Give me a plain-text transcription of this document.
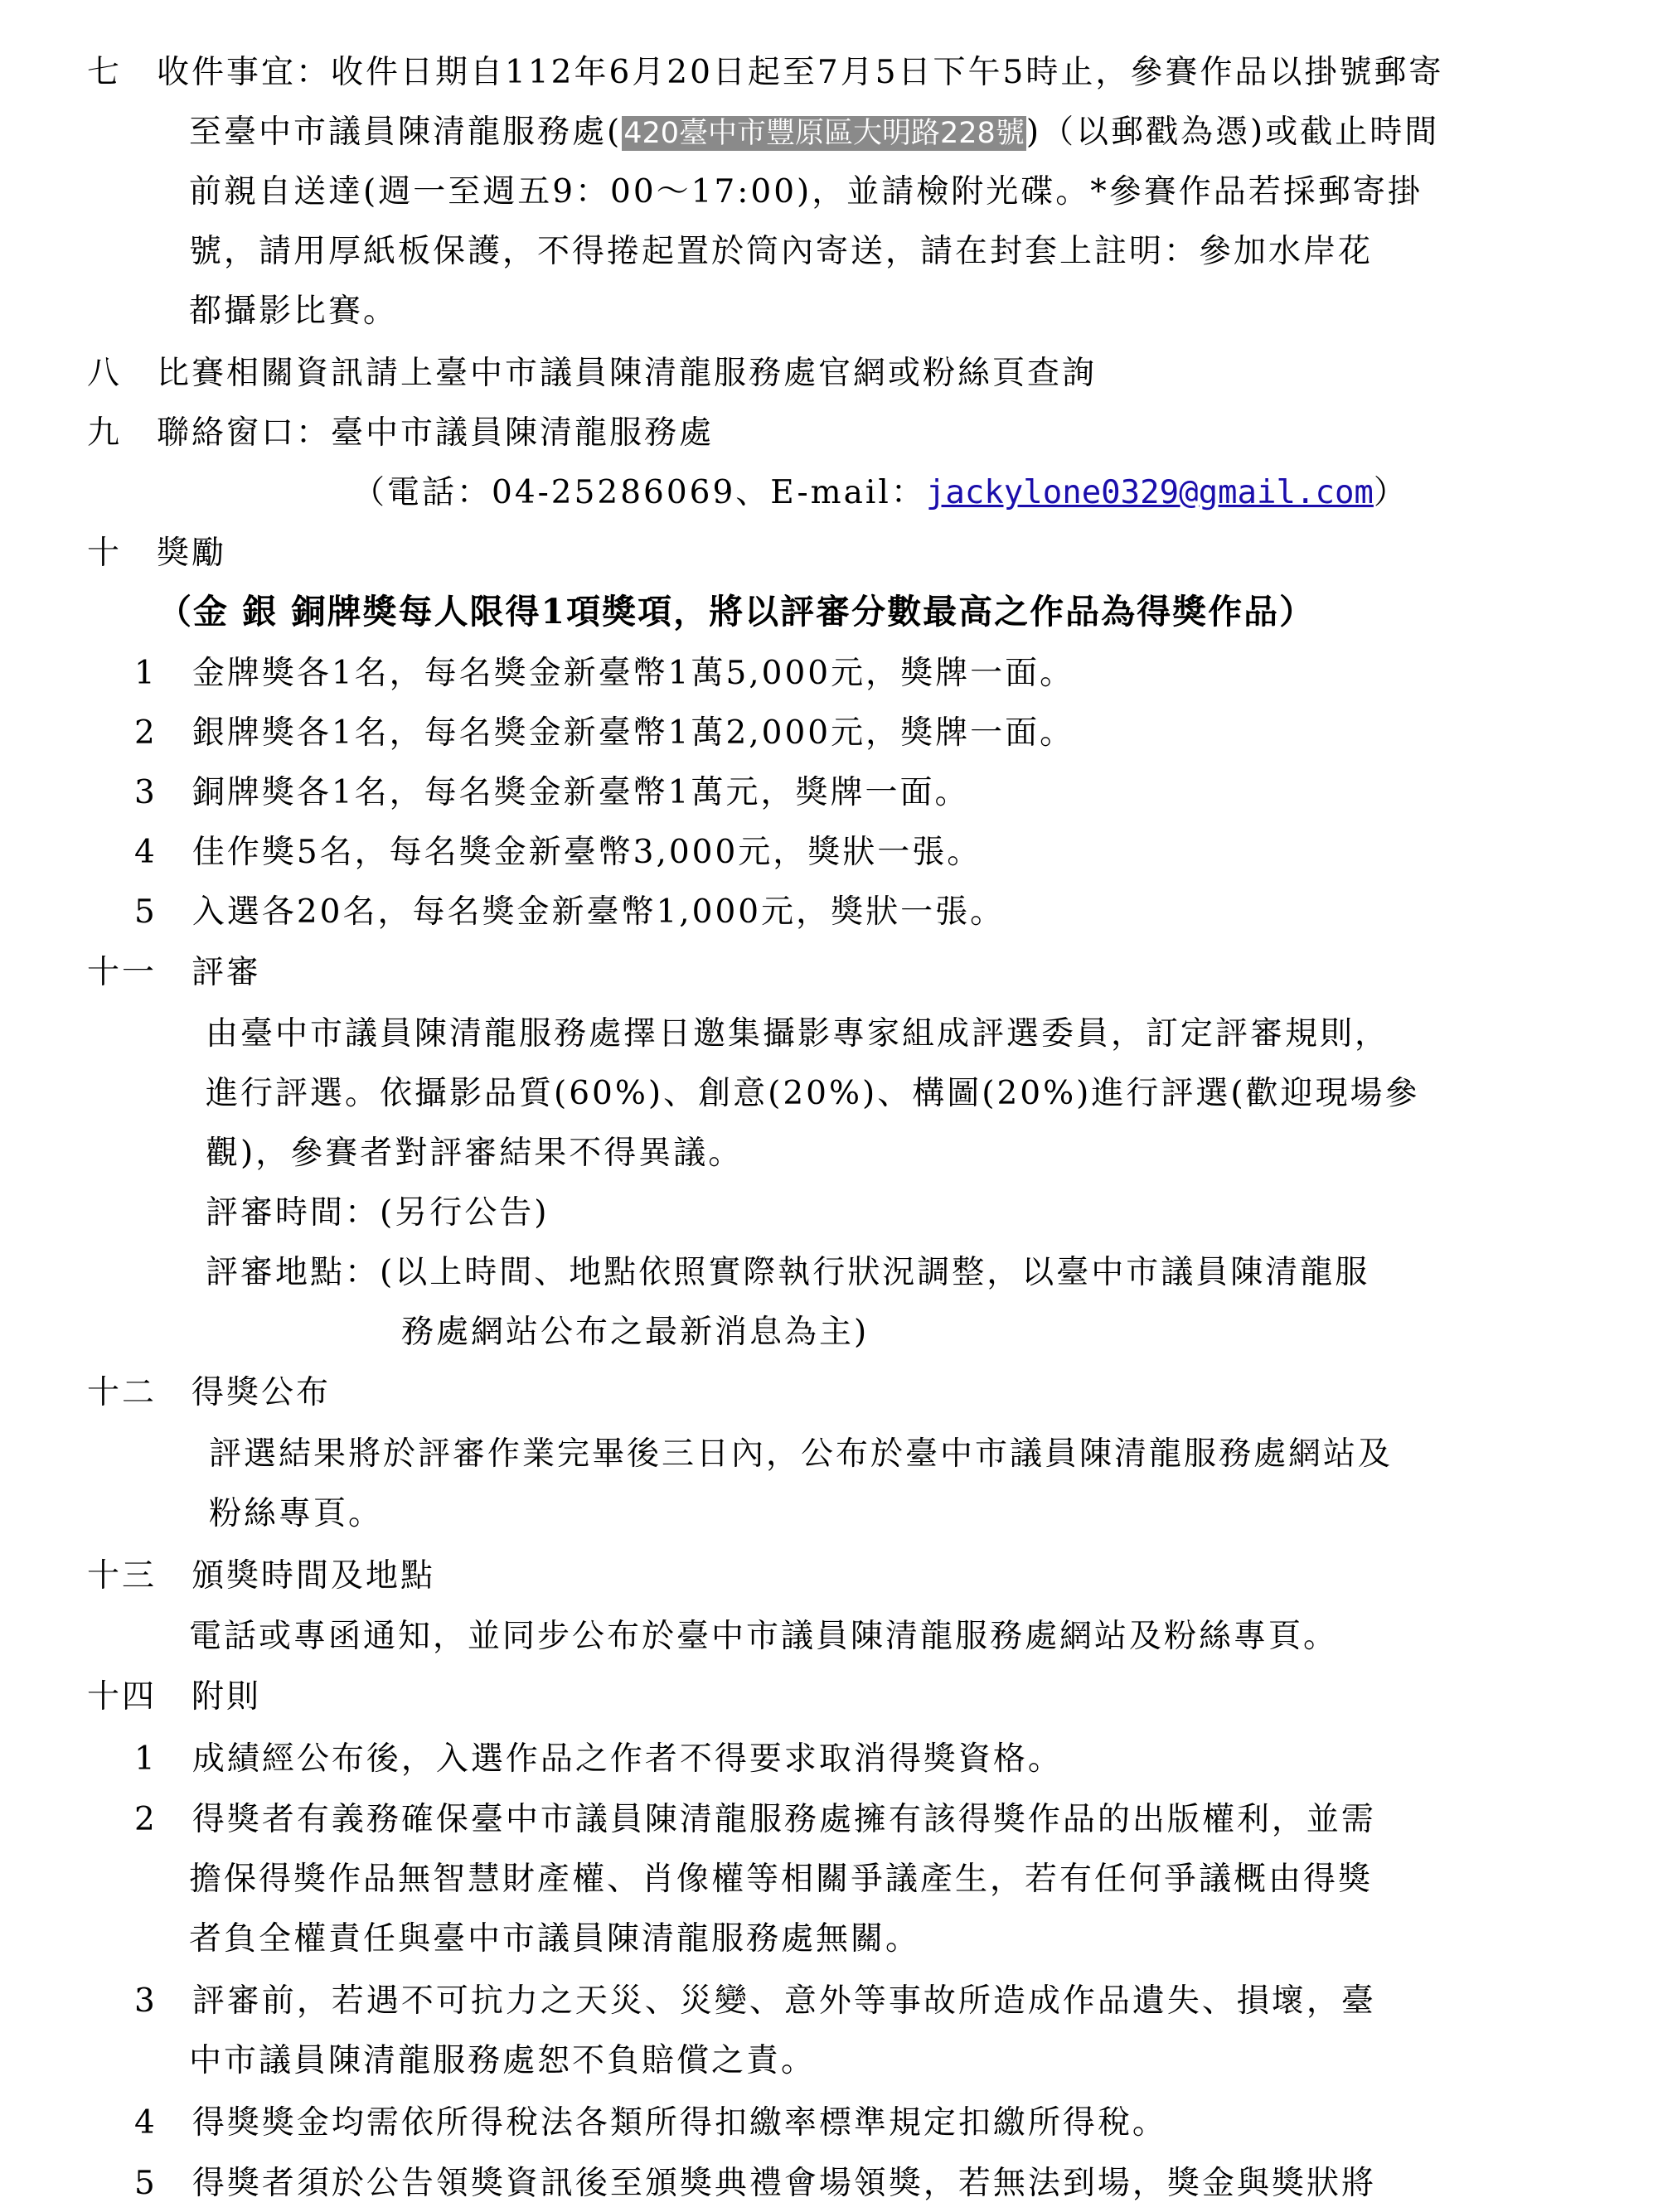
七　收件事宜：收件日期自112年6月20日起至7月5日下午5時止，參賽作品以掛號郵寄
至臺中市議員陳清龍服務處(420臺中市豐原區大明路228號)（以郵戳為憑)或截止時間
前親自送達(週一至週五9：00～17:00)，並請檢附光碟。*參賽作品若採郵寄掛
號，請用厚紙板保護，不得捲起置於筒內寄送，請在封套上註明：參加水岸花
都攝影比賽。
八　比賽相關資訊請上臺中市議員陳清龍服務處官網或粉絲頁查詢
九　聯絡窗口：臺中市議員陳清龍服務處
（電話：04-25286069、E-mail：jackylone0329@gmail.com）
十　獎勵
（金 銀 銅牌獎每人限得1項獎項，將以評審分數最高之作品為得獎作品）
1　金牌獎各1名，每名獎金新臺幣1萬5,000元，獎牌一面。
2　銀牌獎各1名，每名獎金新臺幣1萬2,000元，獎牌一面。
3　銅牌獎各1名，每名獎金新臺幣1萬元，獎牌一面。
4　佳作獎5名，每名獎金新臺幣3,000元，獎狀一張。
5　入選各20名，每名獎金新臺幣1,000元，獎狀一張。
十一　評審
由臺中市議員陳清龍服務處擇日邀集攝影專家組成評選委員，訂定評審規則，
進行評選。依攝影品質(60%)、創意(20%)、構圖(20%)進行評選(歡迎現場參
觀)，參賽者對評審結果不得異議。
評審時間：(另行公告)
評審地點：(以上時間、地點依照實際執行狀況調整，以臺中市議員陳清龍服
務處網站公布之最新消息為主)
十二　得獎公布
評選結果將於評審作業完畢後三日內，公布於臺中市議員陳清龍服務處網站及
粉絲專頁。
十三　頒獎時間及地點
電話或專函通知，並同步公布於臺中市議員陳清龍服務處網站及粉絲專頁。
十四　附則
1　成績經公布後，入選作品之作者不得要求取消得獎資格。
2　得獎者有義務確保臺中市議員陳清龍服務處擁有該得獎作品的出版權利，並需
擔保得獎作品無智慧財產權、肖像權等相關爭議產生，若有任何爭議概由得獎
者負全權責任與臺中市議員陳清龍服務處無關。
3　評審前，若遇不可抗力之天災、災變、意外等事故所造成作品遺失、損壞，臺
中市議員陳清龍服務處恕不負賠償之責。
4　得獎獎金均需依所得稅法各類所得扣繳率標準規定扣繳所得稅。
5　得獎者須於公告領獎資訊後至頒獎典禮會場領獎，若無法到場，獎金與獎狀將
